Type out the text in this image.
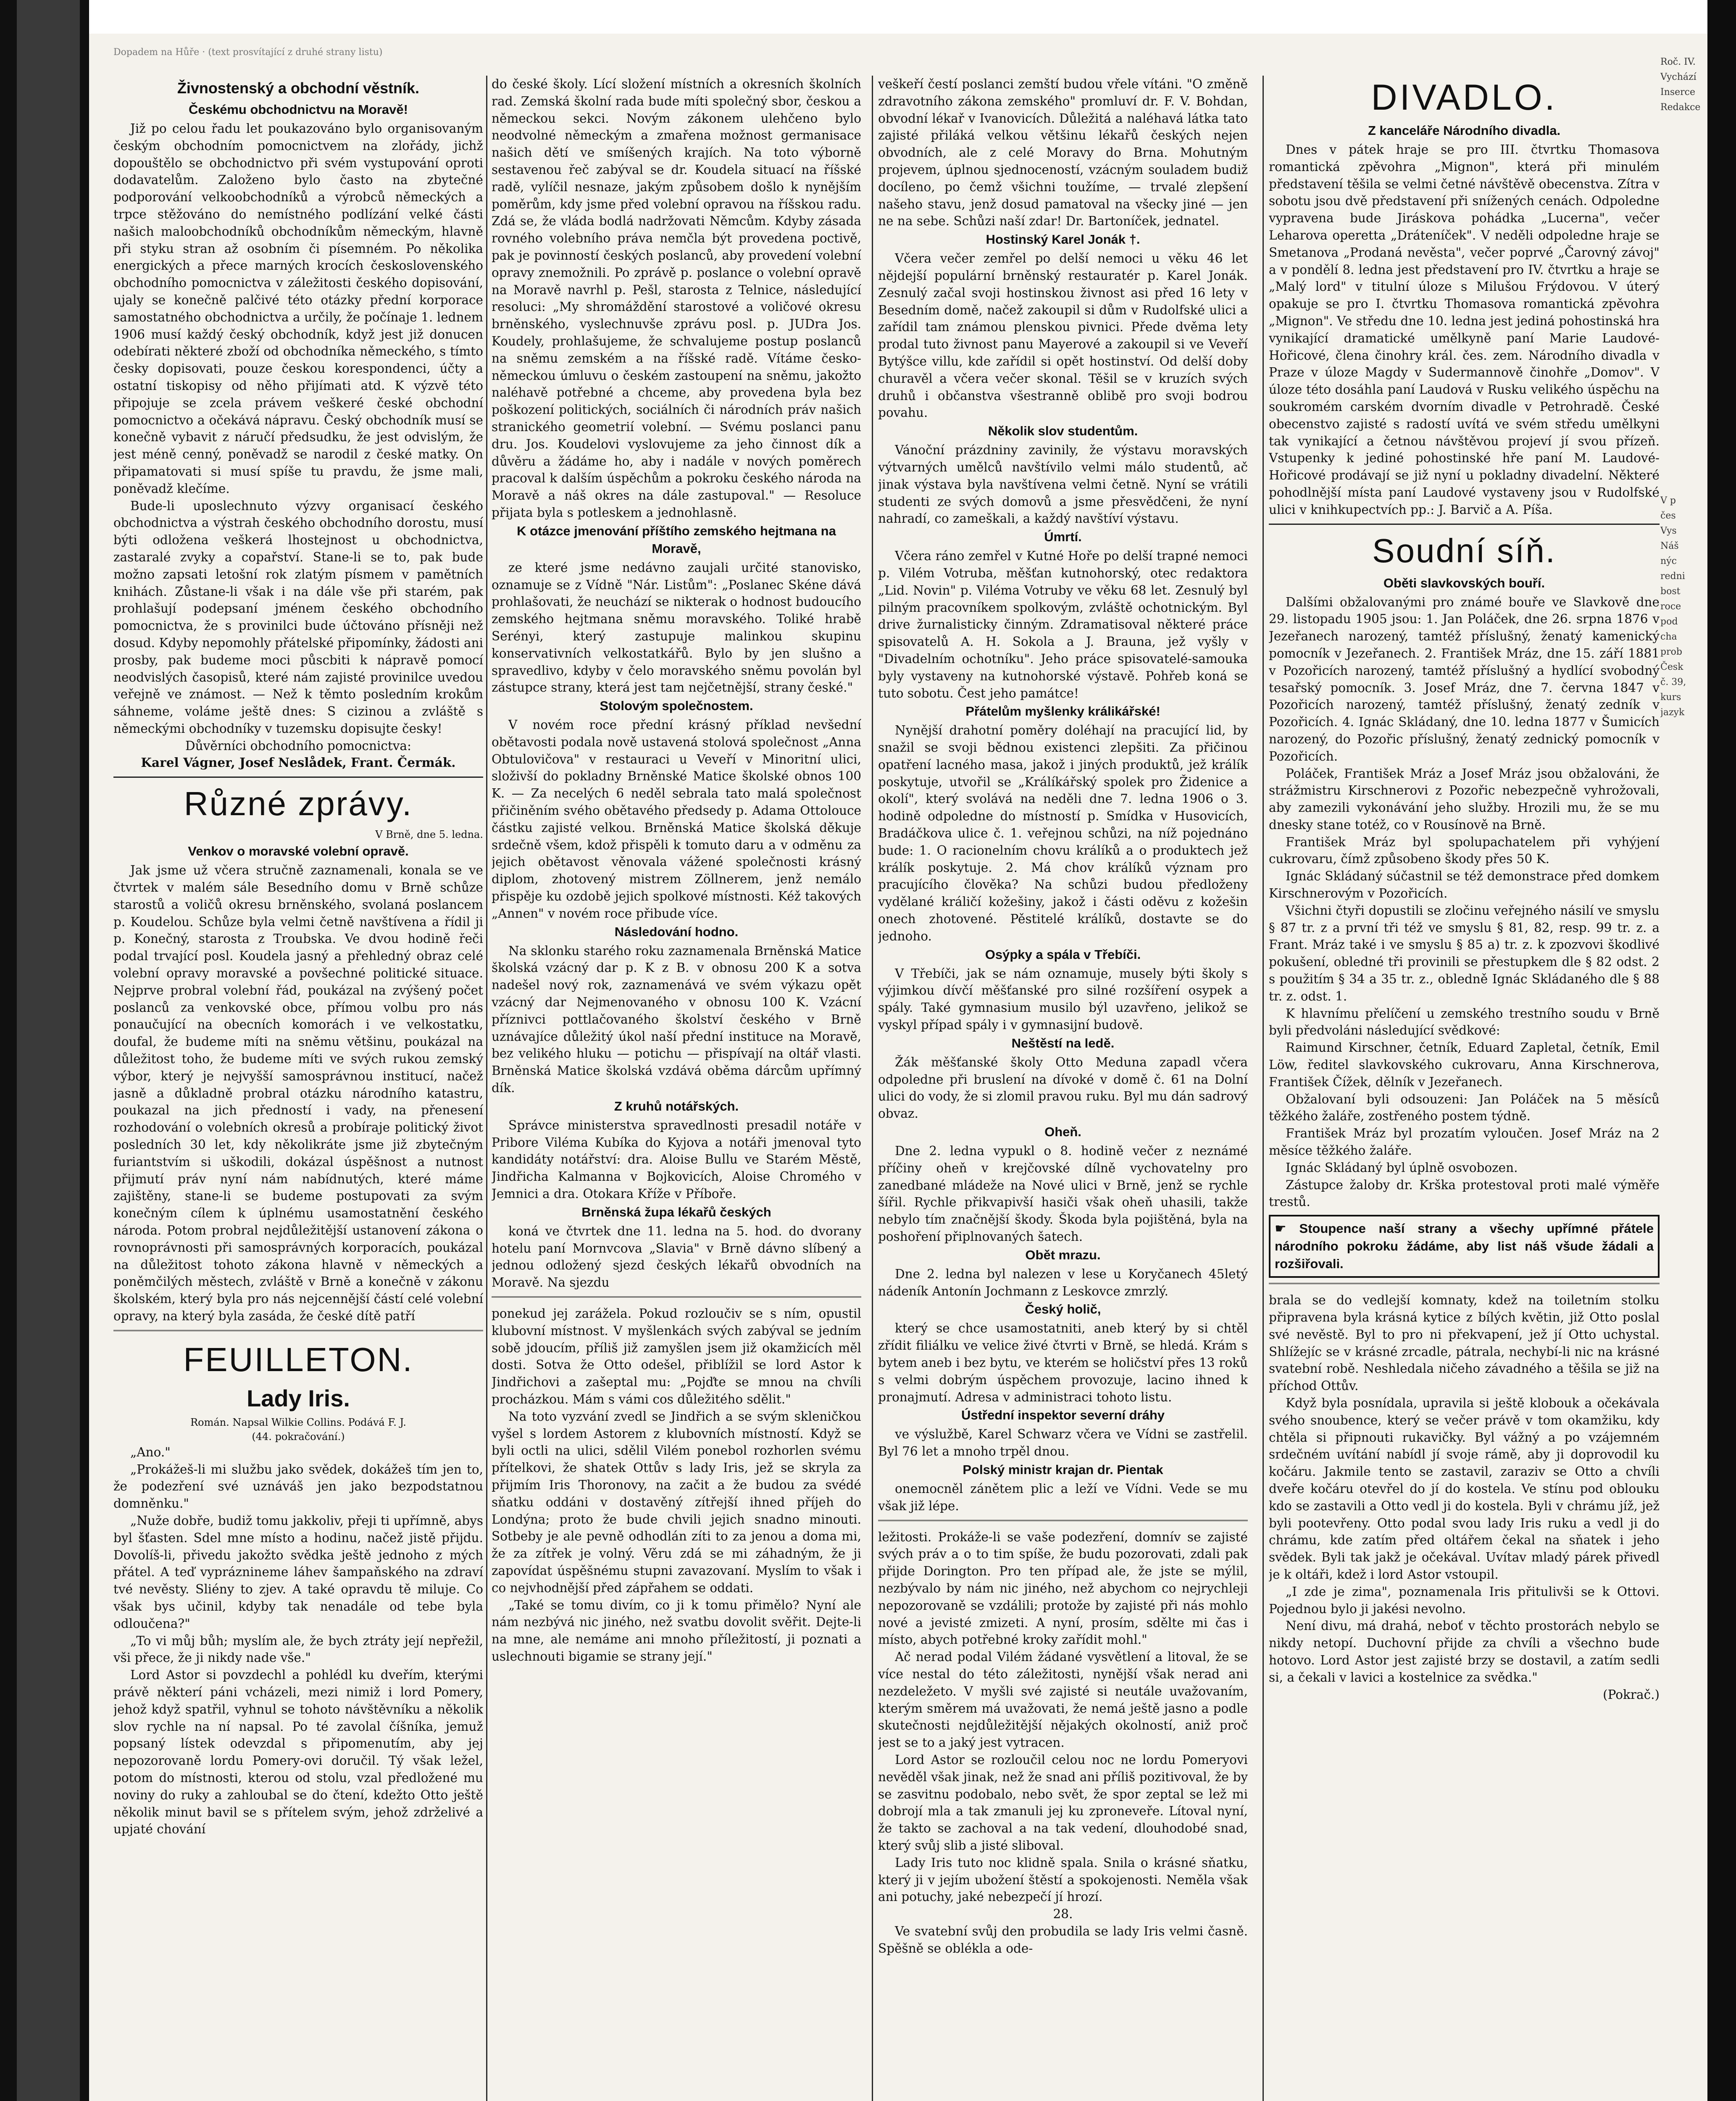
Dopadem na Hůře · (text prosvítající z druhé strany listu)
Živnostenský a obchodní věstník.
Českému obchodnictvu na Moravě!

Již po celou řadu let poukazováno bylo organisovaným českým obchodním pomocnictvem na zlořády, jichž dopouštělo se obchodnictvo při svém vystupování oproti dodavatelům. Založeno bylo často na zbytečné podporování velkoobchodníků a výrobců německých a trpce stěžováno do nemístného podlízání velké části našich maloobchodníků obchodníkům německým, hlavně při styku stran až osobním či písemném. Po několika energických a přece marných krocích československého obchodního pomocnictva v záležitosti českého dopisování, ujaly se konečně palčivé této otázky přední korporace samostatného obchodnictva a určily, že počínaje 1. lednem 1906 musí každý český obchodník, když jest již donucen odebírati některé zboží od obchodníka německého, s tímto česky dopisovati, pouze českou korespondenci, účty a ostatní tiskopisy od něho přijímati atd. K výzvě této připojuje se zcela právem veškeré české obchodní pomocnictvo a očekává nápravu. Český obchodník musí se konečně vybavit z náručí předsudku, že jest odvislým, že jest méně cenný, poněvadž se narodil z české matky. On připamatovati si musí spíše tu pravdu, že jsme mali, poněvadž klečíme.

Bude-li uposlechnuto výzvy organisací českého obchodnictva a výstrah českého obchodního dorostu, musí býti odložena veškerá lhostejnost u obchodnictva, zastaralé zvyky a copařství. Stane-li se to, pak bude možno zapsati letošní rok zlatým písmem v pamětních knihách. Zůstane-li však i na dále vše při starém, pak prohlašují podepsaní jménem českého obchodního pomocnictva, že s provinilci bude účtováno přísněji než dosud. Kdyby nepomohly přátelské připomínky, žádosti ani prosby, pak budeme moci půscbiti k nápravě pomocí neodvislých časopisů, které nám zajisté provinilce uvedou veřejně ve známost. — Než k těmto posledním krokům sáhneme, voláme ještě dnes: S cizinou a zvláště s německými obchodníky v tuzemsku dopisujte česky!

Důvěrníci obchodního pomocnictva:
Karel Vágner, Josef Neslådek, Frant. Čermák.
Různé zprávy.
V Brně, dne 5. ledna.
Venkov o moravské volební opravě.

Jak jsme už včera stručně zaznamenali, konala se ve čtvrtek v malém sále Besedního domu v Brně schůze starostů a voličů okresu brněnského, svolaná poslancem p. Koudelou. Schůze byla velmi četně navštívena a řídil ji p. Konečný, starosta z Troubska. Ve dvou hodině řeči podal trvající posl. Koudela jasný a přehledný obraz celé volební opravy moravské a povšechné politické situace. Nejprve probral volební řád, poukázal na zvýšený počet poslanců za venkovské obce, přímou volbu pro nás ponaučující na obecních komorách i ve velkostatku, doufal, že budeme míti na sněmu většinu, poukázal na důležitost toho, že budeme míti ve svých rukou zemský výbor, který je nejvyšší samosprávnou institucí, načež jasně a důkladně probral otázku národního katastru, poukazal na jich předností i vady, na přenesení rozhodování o volebních okresů a probíraje politický život posledních 30 let, kdy několikráte jsme již zbytečným furiantstvím si uškodili, dokázal úspěšnost a nutnost přijmutí práv nyní nám nabídnutých, které máme zajištěny, stane-li se budeme postupovati za svým konečným cílem k úplnému usamostatnění českého národa. Potom probral nejdůležitější ustanovení zákona o rovnoprávnosti při samosprávných korporacích, poukázal na důležitost tohoto zákona hlavně v německých a poněmčilých městech, zvláště v Brně a konečně v zákonu školském, který byla pro nás nejcennější částí celé volební opravy, na který byla zasáda, že české dítě patří

FEUILLETON.
Lady Iris.
Román. Napsal Wilkie Collins. Podává F. J.
(44. pokračování.)

„Ano."

„Prokážeš-li mi službu jako svědek, dokážeš tím jen to, že podezření své uznáváš jen jako bezpodstatnou domněnku."

„Nuže dobře, budiž tomu jakkoliv, přeji ti upřímně, abys byl šťasten. Sdel mne místo a hodinu, načež jistě přijdu. Dovolíš-li, přivedu jakožto svědka ještě jednoho z mých přátel. A teď vypráznineme láhev šampaňského na zdraví tvé nevěsty. Sliény to zjev. A také opravdu tě miluje. Co však bys učinil, kdyby tak nenadále od tebe byla odloučena?"

„To vi můj bůh; myslím ale, že bych ztráty její nepřežil, vši přece, že ji nikdy nade vše."

Lord Astor si povzdechl a pohlédl ku dveřím, kterými právě některí páni vcházeli, mezi nimiž i lord Pomery, jehož když spatřil, vyhnul se tohoto návštěvníku a několik slov rychle na ní napsal. Po té zavolal číšníka, jemuž popsaný lístek odevzdal s připomenutím, aby jej nepozorovaně lordu Pomery-ovi doručil. Tý však ležel, potom do místnosti, kterou od stolu, vzal předložené mu noviny do ruky a zahloubal se do čtení, kdežto Otto ještě několik minut bavil se s přítelem svým, jehož zdrželivé a upjaté chování

do české školy. Lící složení místních a okresních školních rad. Zemská školní rada bude míti společný sbor, českou a německou sekci. Novým zákonem ulehčeno bylo neodvolné německým a zmařena možnost germanisace našich dětí ve smíšených krajích. Na toto výborně sestavenou řeč zabýval se dr. Koudela situací na říšské radě, vylíčil nesnaze, jakým způsobem došlo k nynějším poměrům, kdy jsme před volební opravou na říšskou radu. Zdá se, že vláda bodlá nadržovati Němcům. Kdyby zásada rovného volebního práva nemčla být provedena poctivě, pak je povinností českých poslanců, aby provedení volební opravy znemožnili. Po zprávě p. poslance o volební opravě na Moravě navrhl p. Pešl, starosta z Telnice, následující resoluci: „My shromáždění starostové a voličové okresu brněnského, vyslechnuvše zprávu posl. p. JUDra Jos. Koudely, prohlašujeme, že schvalujeme postup poslanců na sněmu zemském a na říšské radě. Vítáme česko-německou úmluvu o českém zastoupení na sněmu, jakožto naléhavě potřebné a chceme, aby provedena byla bez poškození politických, sociálních či národních práv našich stranického geometrií volební. — Svému poslanci panu dru. Jos. Koudelovi vyslovujeme za jeho činnost dík a důvěru a žádáme ho, aby i nadále v nových poměrech pracoval k dalším úspěchům a pokroku českého národa na Moravě a náš okres na dále zastupoval." — Resoluce přijata byla s potleskem a jednohlasně.

K otázce jmenování příštího zemského hejtmana na Moravě,

ze které jsme nedávno zaujali určité stanovisko, oznamuje se z Vídně "Nár. Listům": „Poslanec Skéne dává prohlašovati, že neuchází se nikterak o hodnost budoucího zemského hejtmana sněmu moravského. Toliké hrabě Serényi, který zastupuje malinkou skupinu konservativních velkostatkářů. Bylo by jen slušno a spravedlivo, kdyby v čelo moravského sněmu povolán byl zástupce strany, která jest tam nejčetnější, strany české."

Stolovým společnostem.

V novém roce přední krásný příklad nevšední obětavosti podala nově ustavená stolová společnost „Anna Obtulovičova" v restauraci u Veveří v Minoritní ulici, složivší do pokladny Brněnské Matice školské obnos 100 K. — Za necelých 6 neděl sebrala tato malá společnost přičiněním svého obětavého předsedy p. Adama Ottolouce částku zajisté velkou. Brněnská Matice školská děkuje srdečně všem, kdož přispěli k tomuto daru a v odměnu za jejich obětavost věnovala vážené společnosti krásný diplom, zhotovený mistrem Zöllnerem, jenž nemálo přispěje ku ozdobě jejich spolkové místnosti. Kéž takových „Annen" v novém roce přibude více.

Následování hodno.

Na sklonku starého roku zaznamenala Brněnská Matice školská vzácný dar p. K z B. v obnosu 200 K a sotva nadešel nový rok, zaznamenává ve svém výkazu opět vzácný dar Nejmenovaného v obnosu 100 K. Vzácní příznivci pottlačovaného školství českého v Brně uznávajíce důležitý úkol naší přední instituce na Moravě, bez velikého hluku — potichu — přispívají na oltář vlasti. Brněnská Matice školská vzdává oběma dárcům upřímný dík.

Z kruhů notářských.

Správce ministerstva spravedlnosti presadil notáře v Pribore Viléma Kubíka do Kyjova a notáři jmenoval tyto kandidáty notářství: dra. Aloise Bullu ve Starém Městě, Jindřicha Kalmanna v Bojkovicích, Aloise Chromého v Jemnici a dra. Otokara Kříže v Příboře.

Brněnská župa lékařů českých

koná ve čtvrtek dne 11. ledna na 5. hod. do dvorany hotelu paní Mornvcova „Slavia" v Brně dávno slíbený a jednou odložený sjezd českých lékařů obvodních na Moravě. Na sjezdu

ponekud jej zarážela. Pokud rozloučiv se s ním, opustil klubovní místnost. V myšlenkách svých zabýval se jedním sobě jdoucím, příliš již zamyšlen jsem již okamžicích měl dosti. Sotva že Otto odešel, přiblížil se lord Astor k Jindřichovi a zašeptal mu: „Pojďte se mnou na chvíli procházkou. Mám s vámi cos důležitého sdělit."

Na toto vyzvání zvedl se Jindřich a se svým skleničkou vyšel s lordem Astorem z klubovních místností. Když se byli octli na ulici, sdělil Vilém ponebol rozhorlen svému přítelkovi, že shatek Ottův s lady Iris, jež se skryla za přijmím Iris Thoronovy, na začit a že budou za svédé sňatku oddáni v dostavěný zítřejší ihned příjeh do Londýna; proto že bude chvili jejich snadno minouti. Sotbeby je ale pevně odhodlán zíti to za jenou a doma mi, že za zítřek je volný. Věru zdá se mi záhadným, že ji zapovídat úspěšnému stupni zavazovaní. Myslím to však i co nejvhodnější před zápřahem se oddati.

„Také se tomu divím, co ji k tomu přimělo? Nyní ale nám nezbývá nic jiného, než svatbu dovolit svěřit. Dejte-li na mne, ale nemáme ani mnoho příležitostí, ji poznati a uslechnouti bigamie se strany její."

veškeří čestí poslanci zemští budou vřele vítáni. "O změně zdravotního zákona zemského" promluví dr. F. V. Bohdan, obvodní lékař v Ivanovicích. Důležitá a naléhavá látka tato zajisté přiláká velkou většinu lékařů českých nejen obvodních, ale z celé Moravy do Brna. Mohutným projevem, úplnou sjednoceností, vzácným souladem budiž docíleno, po čemž všichni toužíme, — trvalé zlepšení našeho stavu, jenž dosud pamatoval na všecky jiné — jen ne na sebe. Schůzi naší zdar! Dr. Bartoníček, jednatel.

Hostinský Karel Jonák †.

Včera večer zemřel po delší nemoci u věku 46 let nějdejší populární brněnský restauratér p. Karel Jonák. Zesnulý začal svoji hostinskou živnost asi před 16 lety v Besedním domě, načež zakoupil si dům v Rudolfské ulici a zařídil tam známou plenskou pivnici. Přede dvěma lety prodal tuto živnost panu Mayerové a zakoupil si ve Veveří Bytýšce villu, kde zařídil si opět hostinství. Od delší doby churavěl a včera večer skonal. Těšil se v kruzích svých druhů i občanstva všestranně oblibě pro svoji bodrou povahu.

Několik slov studentům.

Vánoční prázdniny zavinily, že výstavu moravských výtvarných umělců navštívilo velmi málo studentů, ač jinak výstava byla navštívena velmi četně. Nyní se vrátili studenti ze svých domovů a jsme přesvědčeni, že nyní nahradí, co zameškali, a každý navštíví výstavu.

Úmrtí.

Včera ráno zemřel v Kutné Hoře po delší trapné nemoci p. Vilém Votruba, měšťan kutnohorský, otec redaktora „Lid. Novin" p. Viléma Votruby ve věku 68 let. Zesnulý byl pilným pracovníkem spolkovým, zvláště ochotnickým. Byl drive žurnalisticky činným. Zdramatisoval některé práce spisovatelů A. H. Sokola a J. Brauna, jež vyšly v "Divadelním ochotníku". Jeho práce spisovatelé-samouka byly vystaveny na kutnohorské výstavě. Pohřeb koná se tuto sobotu. Čest jeho památce!

Přátelům myšlenky králikářské!

Nynější drahotní poměry doléhají na pracující lid, by snažil se svoji bědnou existenci zlepšiti. Za přičinou opatření lacného masa, jakož i jiných produktů, jež králík poskytuje, utvořil se „Králíkářský spolek pro Židenice a okolí", který svolává na neděli dne 7. ledna 1906 o 3. hodině odpoledne do místností p. Smídka v Husovicích, Bradáčkova ulice č. 1. veřejnou schůzi, na níž pojednáno bude: 1. O racionelním chovu králíků a o produktech jež králík poskytuje. 2. Má chov králíků význam pro pracujícího člověka? Na schůzi budou předloženy vydělané králičí kožešiny, jakož i části oděvu z kožešin onech zhotovené. Pěstitelé králíků, dostavte se do jednoho.

Osýpky a spála v Třebíči.

V Třebíči, jak se nám oznamuje, musely býti školy s výjimkou dívčí měšťanské pro silné rozšíření osypek a spály. Také gymnasium musilo býl uzavřeno, jelikož se vyskyl případ spály i v gymnasijní budově.

Neštěstí na ledě.

Žák měšťanské školy Otto Meduna zapadl včera odpoledne při bruslení na dívoké v domě č. 61 na Dolní ulici do vody, že si zlomil pravou ruku. Byl mu dán sadrový obvaz.

Oheň.

Dne 2. ledna vypukl o 8. hodině večer z neznámé příčiny oheň v krejčovské dílně vychovatelny pro zanedbané mládeže na Nové ulici v Brně, jenž se rychle šířil. Rychle přikvapivší hasiči však oheň uhasili, takže nebylo tím značnější škody. Škoda byla pojištěná, byla na poshoření připlnovaných šatech.

Obět mrazu.

Dne 2. ledna byl nalezen v lese u Koryčanech 45letý nádeník Antonín Jochmann z Leskovce zmrzlý.

Český holič,

který se chce usamostatniti, aneb který by si chtěl zřídit filiálku ve velice živé čtvrti v Brně, se hledá. Krám s bytem aneb i bez bytu, ve kterém se holičství přes 13 roků s velmi dobrým úspěchem provozuje, lacino ihned k pronajmutí. Adresa v administraci tohoto listu.

Ústřední inspektor severní dráhy

ve výslužbě, Karel Schwarz včera ve Vídni se zastřelil. Byl 76 let a mnoho trpěl dnou.

Polský ministr krajan dr. Pientak

onemocněl zánětem plic a leží ve Vídni. Vede se mu však již lépe.

ležitosti. Prokáže-li se vaše podezření, domnív se zajisté svých práv a o to tim spíše, že budu pozorovati, zdali pak přijde Dorington. Pro ten případ ale, že jste se mýlil, nezbývalo by nám nic jiného, než abychom co nejrychleji nepozorovaně se vzdálili; protože by zajisté při nás mohlo nové a jevisté zmizeti. A nyní, prosím, sdělte mi čas i místo, abych potřebné kroky zařídit mohl."

Ač nerad podal Vilém žádané vysvětlení a litoval, že se více nestal do této záležitosti, nynější však nerad ani nezdeležeto. V myšli své zajisté si neutále uvažovaním, kterým směrem má uvažovati, že nemá ještě jasno a podle skutečnosti nejdůležitější nějakých okolností, aniž proč jest se to a jaký jest vytracen.

Lord Astor se rozloučil celou noc ne lordu Pomeryovi nevěděl však jinak, než že snad ani příliš pozitivoval, že by se zasvitnu podobalo, nebo svět, že spor zeptal se lež mi dobrojí mla a tak zmanuli jej ku zproneveře. Lítoval nyní, že takto se zachoval a na tak vedení, dlouhodobé snad, který svůj slib a jisté sliboval.

Lady Iris tuto noc klidně spala. Snila o krásné sňatku, který ji v jejím ubožení štěstí a spokojenosti. Neměla však ani potuchy, jaké nebezpečí jí hrozí.

28.

Ve svatební svůj den probudila se lady Iris velmi časně. Spěšně se oblékla a ode-

DIVADLO.
Z kanceláře Národního divadla.

Dnes v pátek hraje se pro III. čtvrtku Thomasova romantická zpěvohra „Mignon", která při minulém představení těšila se velmi četné návštěvě obecenstva. Zítra v sobotu jsou dvě představení při snížených cenách. Odpoledne vypravena bude Jiráskova pohádka „Lucerna", večer Leharova operetta „Dráteníček". V neděli odpoledne hraje se Smetanova „Prodaná nevěsta", večer poprvé „Čarovný závoj" a v pondělí 8. ledna jest představení pro IV. čtvrtku a hraje se „Malý lord" v titulní úloze s Milušou Frýdovou. V úterý opakuje se pro I. čtvrtku Thomasova romantická zpěvohra „Mignon". Ve středu dne 10. ledna jest jediná pohostinská hra vynikající dramatické umělkyně paní Marie Laudové-Hořicové, člena činohry král. čes. zem. Národního divadla v Praze v úloze Magdy v Sudermannově činohře „Domov". V úloze této dosáhla paní Laudová v Rusku velikého úspěchu na soukromém carském dvorním divadle v Petrohradě. České obecenstvo zajisté s radostí uvítá ve svém středu umělkyni tak vynikající a četnou návštěvou projeví jí svou přízeň. Vstupenky k jediné pohostinské hře paní M. Laudové-Hořicové prodávají se již nyní u pokladny divadelní. Některé pohodlnější místa paní Laudové vystaveny jsou v Rudolfské ulici v knihkupectvích pp.: J. Barvič a A. Píša.

Soudní síň.
Oběti slavkovských bouří.

Dalšími obžalovanými pro známé bouře ve Slavkově dne 29. listopadu 1905 jsou: 1. Jan Poláček, dne 26. srpna 1876 v Jezeřanech narozený, tamtéž příslušný, ženatý kamenický pomocník v Jezeřanech. 2. František Mráz, dne 15. září 1881 v Pozořicích narozený, tamtéž příslušný a hydlící svobodný tesařský pomocník. 3. Josef Mráz, dne 7. června 1847 v Pozořicích narozený, tamtéž příslušný, ženatý zedník v Pozořicích. 4. Ignác Skládaný, dne 10. ledna 1877 v Šumicích narozený, do Pozořic příslušný, ženatý zednický pomocník v Pozořicích.

Poláček, František Mráz a Josef Mráz jsou obžalováni, že strážmistru Kirschnerovi z Pozořic nebezpečně vyhrožovali, aby zamezili vykonávání jeho služby. Hrozili mu, že se mu dnesky stane totéž, co v Rousínově na Brně.

František Mráz byl spolupachatelem při vyhýjení cukrovaru, čímž způsobeno škody přes 50 K.

Ignác Skládaný súčastnil se též demonstrace před domkem Kirschnerovým v Pozořicích.

Všichni čtyři dopustili se zločinu veřejného násilí ve smyslu § 87 tr. z a první tři též ve smyslu § 81, 82, resp. 99 tr. z. a Frant. Mráz také i ve smyslu § 85 a) tr. z. k zpozvovi škodlivé pokušení, obledné tři provinili se přestupkem dle § 82 odst. 2 s použitím § 34 a 35 tr. z., obledně Ignác Skládaného dle § 88 tr. z. odst. 1.

K hlavnímu přelíčení u zemského trestního soudu v Brně byli předvoláni následující svědkové:

Raimund Kirschner, četník, Eduard Zapletal, četník, Emil Löw, ředitel slavkovského cukrovaru, Anna Kirschnerova, František Čížek, dělník v Jezeřanech.

Obžalovaní byli odsouzeni: Jan Poláček na 5 měsíců těžkého žaláře, zostřeného postem týdně.

František Mráz byl prozatím vyloučen. Josef Mráz na 2 měsíce těžkého žaláře.

Ignác Skládaný byl úplně osvobozen.

Zástupce žaloby dr. Krška protestoval proti malé výměře trestů.

☛ Stoupence naší strany a všechy upřímné přátele národního pokroku žádáme, aby list náš všude žádali a rozšiřovali.

brala se do vedlejší komnaty, kdež na toiletním stolku připravena byla krásná kytice z bílých květin, již Otto poslal své nevěstě. Byl to pro ni překvapení, jež jí Otto uchystal. Shlížejíc se v krásné zrcadle, pátrala, nechybí-li nic na krásné svatební robě. Neshledala ničeho závadného a těšila se již na příchod Ottův.

Když byla posnídala, upravila si ještě klobouk a očekávala svého snoubence, který se večer právě v tom okamžiku, kdy chtěla si připnouti rukavičky. Byl vážný a po vzájemném srdečném uvítání nabídl jí svoje rámě, aby ji doprovodil ku kočáru. Jakmile tento se zastavil, zaraziv se Otto a chvíli dveře kočáru otevřel do jí do kostela. Ve stínu pod oblouku kdo se zastavili a Otto vedl ji do kostela. Byli v chrámu jíž, jež byli pootevřeny. Otto podal svou lady Iris ruku a vedl ji do chrámu, kde zatím před oltářem čekal na sňatek i jeho svědek. Byli tak jakž je očekával. Uvítav mladý párek přivedl je k oltáři, kdež i lord Astor vstoupil.

„I zde je zima", poznamenala Iris přitulivši se k Ottovi. Pojednou bylo ji jakési nevolno.

Není divu, má drahá, neboť v těchto prostorách nebylo se nikdy netopí. Duchovní přijde za chvíli a všechno bude hotovo. Lord Astor jest zajisté brzy se dostavil, a zatím sedli si, a čekali v lavici a kostelnice za svědka."

(Pokrač.)
Roč. IV.
Vychází
Inserce
Redakce
V p
čes
Vys
Náš
nýc
redni
bost
roce
pod
cha
prob
Česk
č. 39,
kurs
jazyk
